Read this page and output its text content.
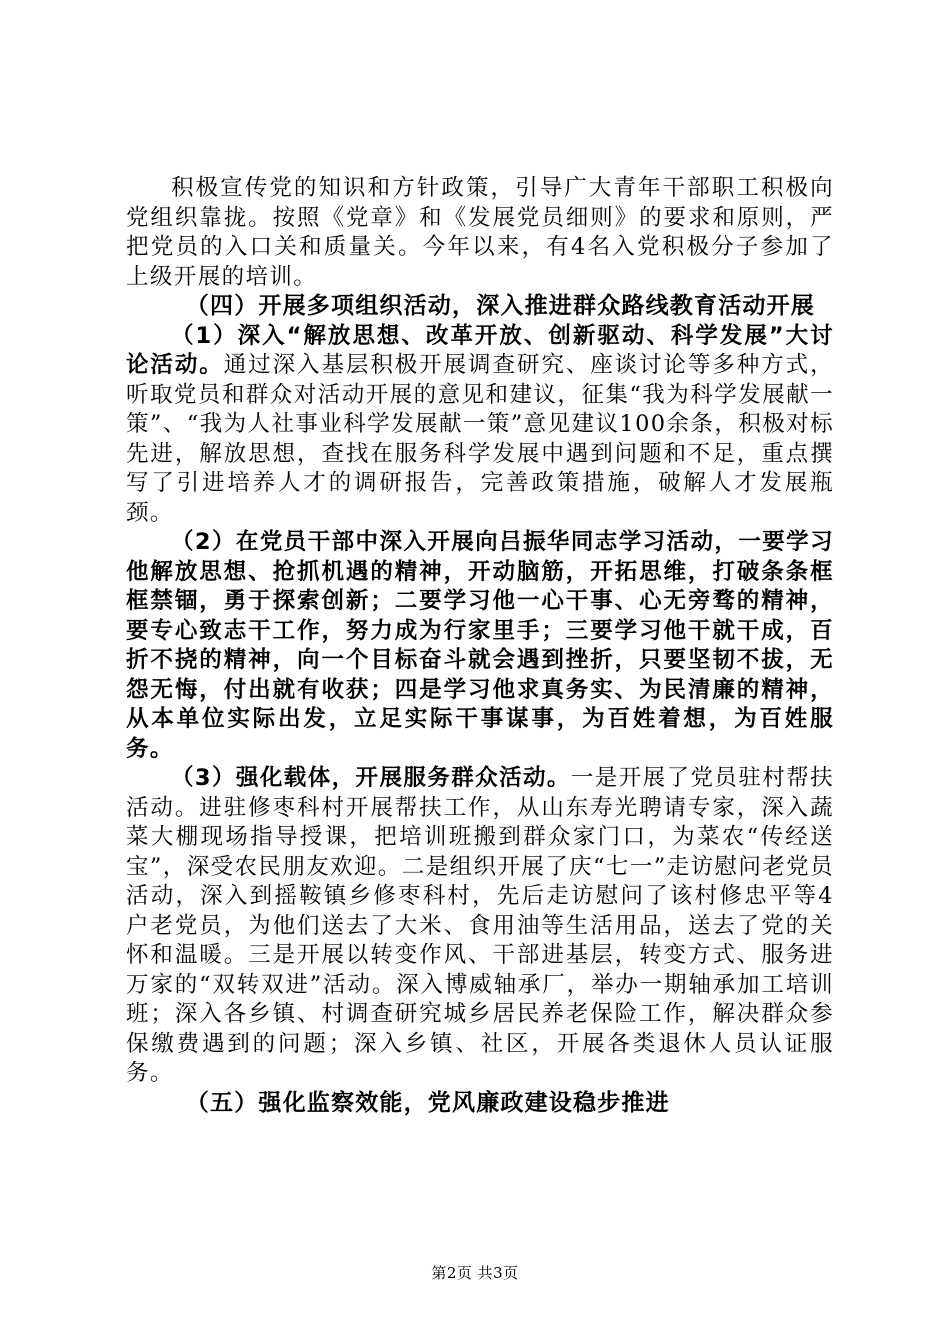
积极宣传党的知识和方针政策，引导广大青年干部职工积极向党组织靠拢。按照《党章》和《发展党员细则》的要求和原则，严把党员的入口关和质量关。今年以来，有4名入党积极分子参加了上级开展的培训。

（四）开展多项组织活动，深入推进群众路线教育活动开展

（1）深入“解放思想、改革开放、创新驱动、科学发展”大讨论活动。通过深入基层积极开展调查研究、座谈讨论等多种方式，听取党员和群众对活动开展的意见和建议，征集“我为科学发展献一策”、“我为人社事业科学发展献一策”意见建议100余条，积极对标先进，解放思想，查找在服务科学发展中遇到问题和不足，重点撰写了引进培养人才的调研报告，完善政策措施，破解人才发展瓶颈。

（2）在党员干部中深入开展向吕振华同志学习活动，一要学习他解放思想、抢抓机遇的精神，开动脑筋，开拓思维，打破条条框框禁锢，勇于探索创新；二要学习他一心干事、心无旁骛的精神，要专心致志干工作，努力成为行家里手；三要学习他干就干成，百折不挠的精神，向一个目标奋斗就会遇到挫折，只要坚韧不拔，无怨无悔，付出就有收获；四是学习他求真务实、为民清廉的精神，从本单位实际出发，立足实际干事谋事，为百姓着想，为百姓服务。

（3）强化载体，开展服务群众活动。一是开展了党员驻村帮扶活动。进驻修枣科村开展帮扶工作，从山东寿光聘请专家，深入蔬菜大棚现场指导授课，把培训班搬到群众家门口，为菜农“传经送宝”，深受农民朋友欢迎。二是组织开展了庆“七一”走访慰问老党员活动，深入到摇鞍镇乡修枣科村，先后走访慰问了该村修忠平等4户老党员，为他们送去了大米、食用油等生活用品，送去了党的关怀和温暖。三是开展以转变作风、干部进基层，转变方式、服务进万家的“双转双进”活动。深入博威轴承厂，举办一期轴承加工培训班；深入各乡镇、村调查研究城乡居民养老保险工作，解决群众参保缴费遇到的问题；深入乡镇、社区，开展各类退休人员认证服务。

（五）强化监察效能，党风廉政建设稳步推进

第2页 共3页
